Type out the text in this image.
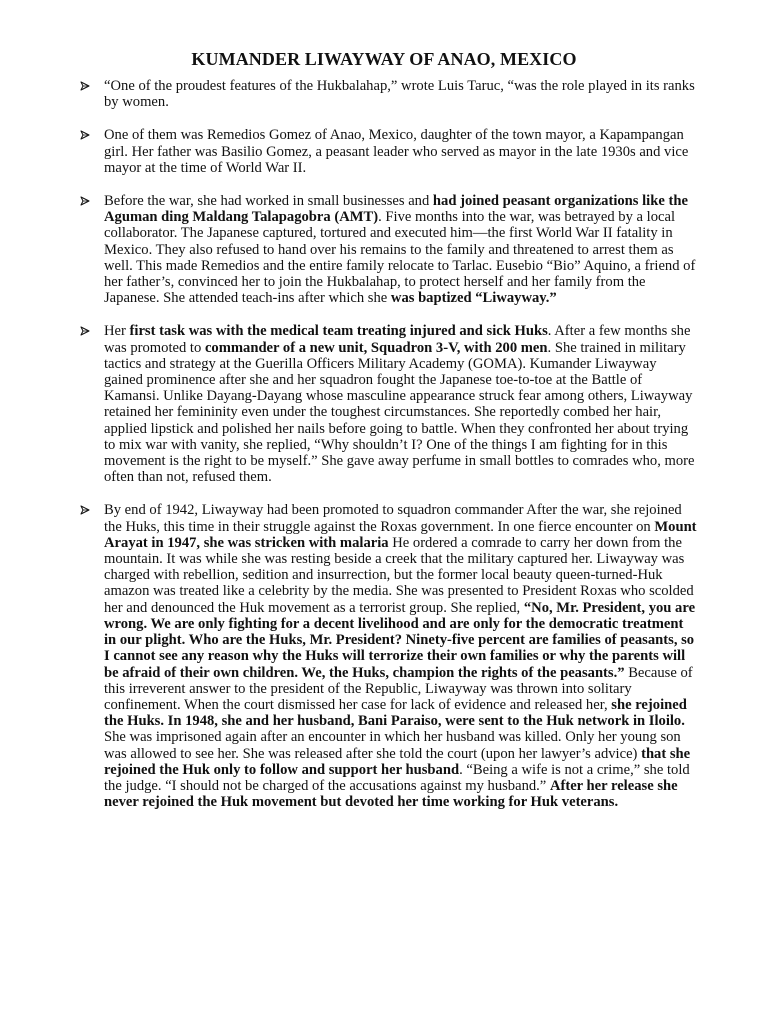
KUMANDER LIWAYWAY OF ANAO, MEXICO
“One of the proudest features of the Hukbalahap,” wrote Luis Taruc, “was the role played in its ranks by women.
One of them was Remedios Gomez of Anao, Mexico, daughter of the town mayor, a Kapampangan girl. Her father was Basilio Gomez, a peasant leader who served as mayor in the late 1930s and vice mayor at the time of World War II.
Before the war, she had worked in small businesses and had joined peasant organizations like the Aguman ding Maldang Talapagobra (AMT). Five months into the war, was betrayed by a local collaborator. The Japanese captured, tortured and executed him—the first World War II fatality in Mexico. They also refused to hand over his remains to the family and threatened to arrest them as well. This made Remedios and the entire family relocate to Tarlac. Eusebio “Bio” Aquino, a friend of her father’s, convinced her to join the Hukbalahap, to protect herself and her family from the Japanese. She attended teach-ins after which she was baptized “Liwayway.”
Her first task was with the medical team treating injured and sick Huks. After a few months she was promoted to commander of a new unit, Squadron 3-V, with 200 men. She trained in military tactics and strategy at the Guerilla Officers Military Academy (GOMA). Kumander Liwayway gained prominence after she and her squadron fought the Japanese toe-to-toe at the Battle of Kamansi. Unlike Dayang-Dayang whose masculine appearance struck fear among others, Liwayway retained her femininity even under the toughest circumstances. She reportedly combed her hair, applied lipstick and polished her nails before going to battle. When they confronted her about trying to mix war with vanity, she replied, “Why shouldn’t I? One of the things I am fighting for in this movement is the right to be myself.” She gave away perfume in small bottles to comrades who, more often than not, refused them.
By end of 1942, Liwayway had been promoted to squadron commander After the war, she rejoined the Huks, this time in their struggle against the Roxas government. In one fierce encounter on Mount Arayat in 1947, she was stricken with malaria He ordered a comrade to carry her down from the mountain. It was while she was resting beside a creek that the military captured her. Liwayway was charged with rebellion, sedition and insurrection, but the former local beauty queen-turned-Huk amazon was treated like a celebrity by the media. She was presented to President Roxas who scolded her and denounced the Huk movement as a terrorist group. She replied, “No, Mr. President, you are wrong. We are only fighting for a decent livelihood and are only for the democratic treatment in our plight. Who are the Huks, Mr. President? Ninety-five percent are families of peasants, so I cannot see any reason why the Huks will terrorize their own families or why the parents will be afraid of their own children. We, the Huks, champion the rights of the peasants.” Because of this irreverent answer to the president of the Republic, Liwayway was thrown into solitary confinement. When the court dismissed her case for lack of evidence and released her, she rejoined the Huks. In 1948, she and her husband, Bani Paraiso, were sent to the Huk network in Iloilo. She was imprisoned again after an encounter in which her husband was killed. Only her young son was allowed to see her. She was released after she told the court (upon her lawyer’s advice) that she rejoined the Huk only to follow and support her husband. “Being a wife is not a crime,” she told the judge. “I should not be charged of the accusations against my husband.” After her release she never rejoined the Huk movement but devoted her time working for Huk veterans.
